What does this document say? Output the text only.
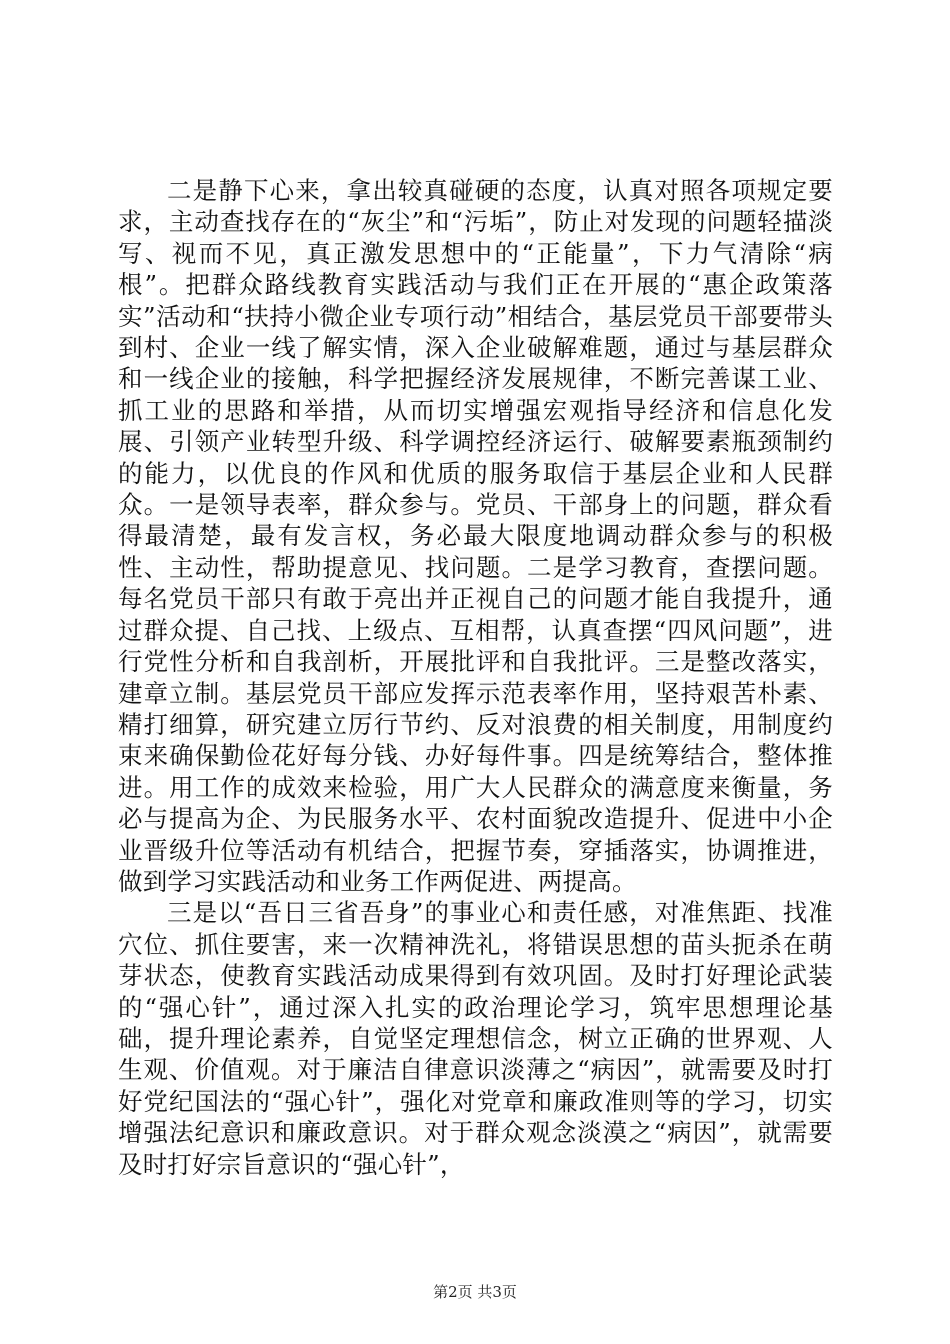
二是静下心来，拿出较真碰硬的态度，认真对照各项规定要求，主动查找存在的“灰尘”和“污垢”，防止对发现的问题轻描淡写、视而不见，真正激发思想中的“正能量”，下力气清除“病根”。把群众路线教育实践活动与我们正在开展的“惠企政策落实”活动和“扶持小微企业专项行动”相结合，基层党员干部要带头到村、企业一线了解实情，深入企业破解难题，通过与基层群众和一线企业的接触，科学把握经济发展规律，不断完善谋工业、抓工业的思路和举措，从而切实增强宏观指导经济和信息化发展、引领产业转型升级、科学调控经济运行、破解要素瓶颈制约的能力，以优良的作风和优质的服务取信于基层企业和人民群众。一是领导表率，群众参与。党员、干部身上的问题，群众看得最清楚，最有发言权，务必最大限度地调动群众参与的积极性、主动性，帮助提意见、找问题。二是学习教育，查摆问题。每名党员干部只有敢于亮出并正视自己的问题才能自我提升，通过群众提、自己找、上级点、互相帮，认真查摆“四风问题”，进行党性分析和自我剖析，开展批评和自我批评。三是整改落实，建章立制。基层党员干部应发挥示范表率作用，坚持艰苦朴素、精打细算，研究建立厉行节约、反对浪费的相关制度，用制度约束来确保勤俭花好每分钱、办好每件事。四是统筹结合，整体推进。用工作的成效来检验，用广大人民群众的满意度来衡量，务必与提高为企、为民服务水平、农村面貌改造提升、促进中小企业晋级升位等活动有机结合，把握节奏，穿插落实，协调推进，做到学习实践活动和业务工作两促进、两提高。

三是以“吾日三省吾身”的事业心和责任感，对准焦距、找准穴位、抓住要害，来一次精神洗礼，将错误思想的苗头扼杀在萌芽状态，使教育实践活动成果得到有效巩固。及时打好理论武装的“强心针”，通过深入扎实的政治理论学习，筑牢思想理论基础，提升理论素养，自觉坚定理想信念，树立正确的世界观、人生观、价值观。对于廉洁自律意识淡薄之“病因”，就需要及时打好党纪国法的“强心针”，强化对党章和廉政准则等的学习，切实增强法纪意识和廉政意识。对于群众观念淡漠之“病因”，就需要及时打好宗旨意识的“强心针”，

第2页 共3页
